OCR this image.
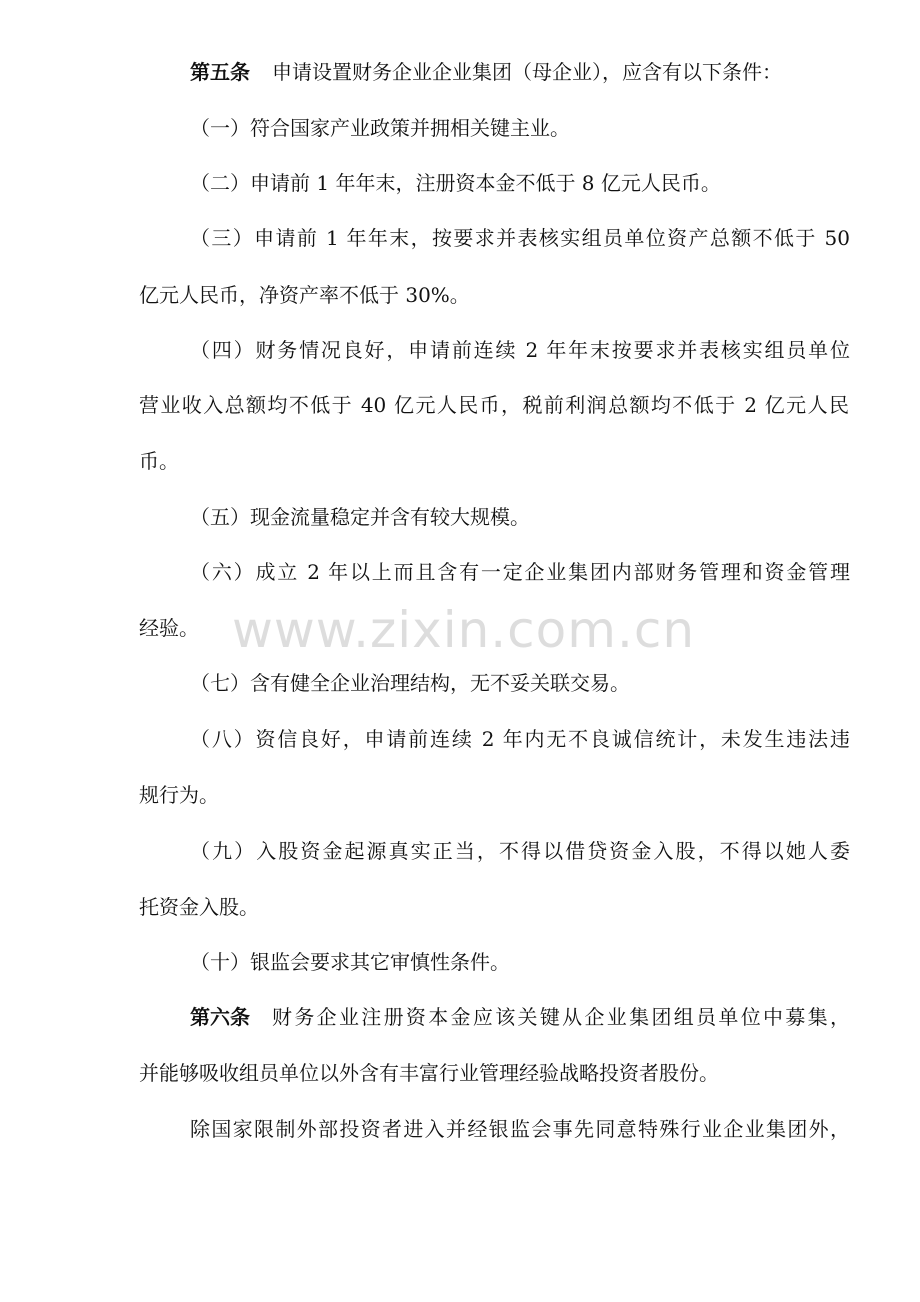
第五条 申请设置财务企业企业集团（母企业），应含有以下条件：

（一）符合国家产业政策并拥相关键主业。

（二）申请前 1 年年末，注册资本金不低于 8 亿元人民币。

（三）申请前 1 年年末，按要求并表核实组员单位资产总额不低于 50

亿元人民币，净资产率不低于 30%。

（四）财务情况良好，申请前连续 2 年年末按要求并表核实组员单位

营业收入总额均不低于 40 亿元人民币，税前利润总额均不低于 2 亿元人民

币。

（五）现金流量稳定并含有较大规模。

（六）成立 2 年以上而且含有一定企业集团内部财务管理和资金管理

经验。

（七）含有健全企业治理结构，无不妥关联交易。

（八）资信良好，申请前连续 2 年内无不良诚信统计，未发生违法违

规行为。

（九）入股资金起源真实正当，不得以借贷资金入股，不得以她人委

托资金入股。

（十）银监会要求其它审慎性条件。

第六条 财务企业注册资本金应该关键从企业集团组员单位中募集，

并能够吸收组员单位以外含有丰富行业管理经验战略投资者股份。

除国家限制外部投资者进入并经银监会事先同意特殊行业企业集团外，

www.zixin.com.cn
